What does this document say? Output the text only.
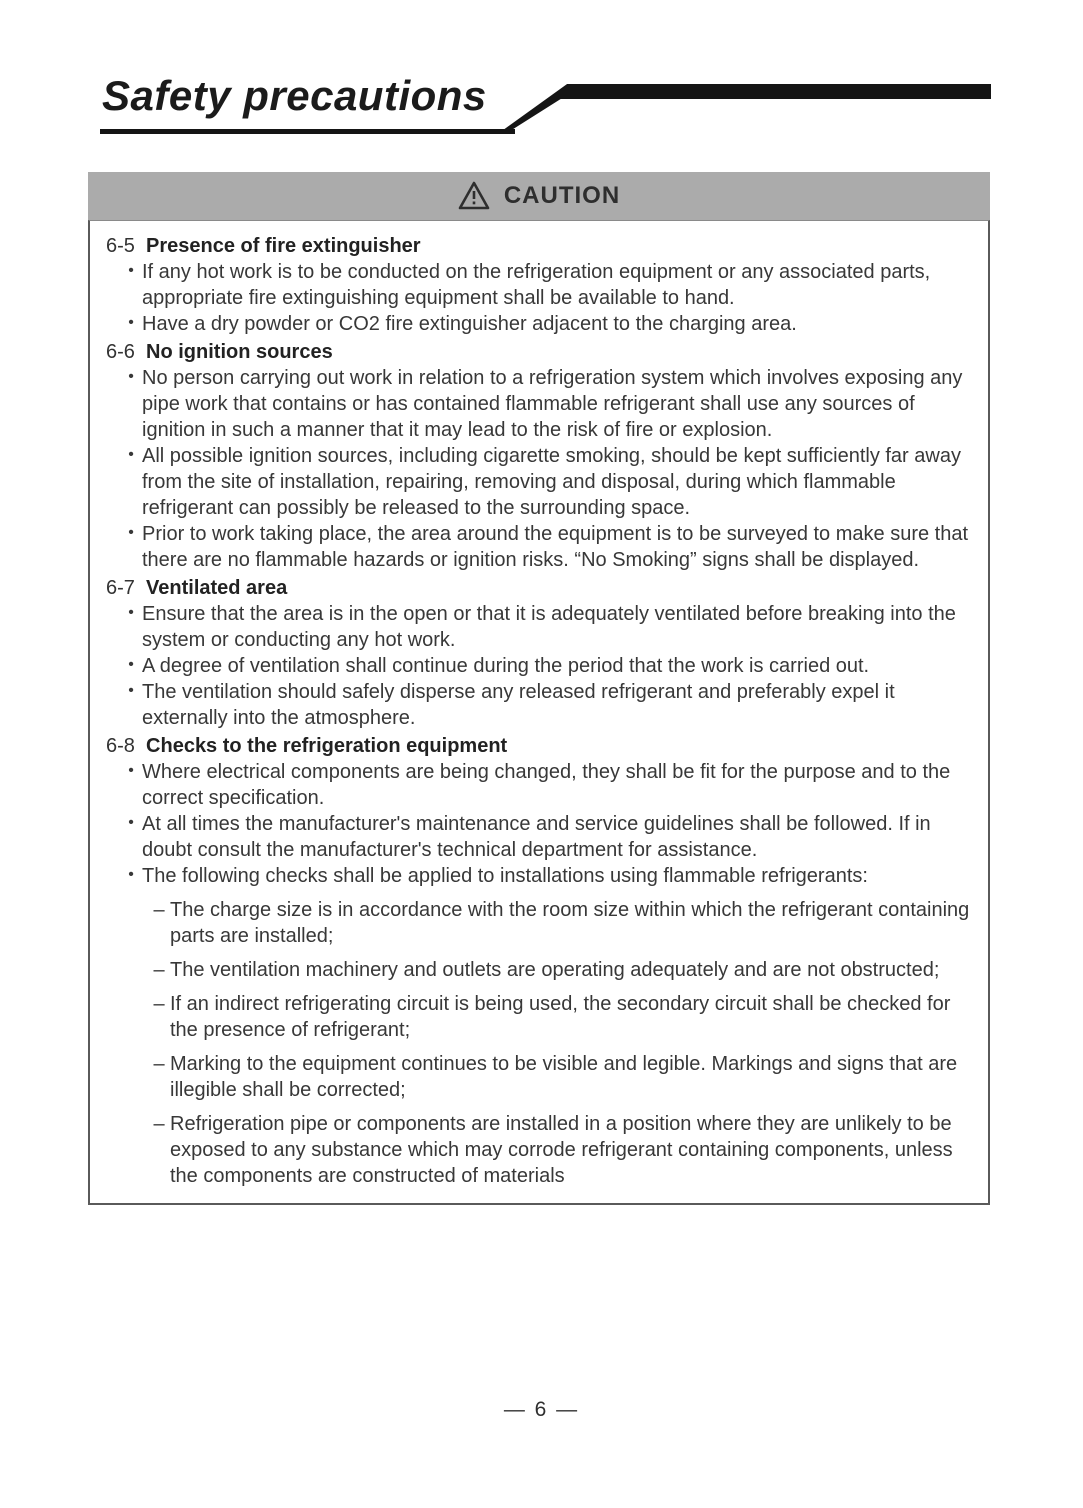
Safety precautions
CAUTION
6-5 Presence of fire extinguisher
• If any hot work is to be conducted on the refrigeration equipment or any associated parts, appropriate fire extinguishing equipment shall be available to hand.
• Have a dry powder or CO2 fire extinguisher adjacent to the charging area.
6-6 No ignition sources
• No person carrying out work in relation to a refrigeration system which involves exposing any pipe work that contains or has contained flammable refrigerant shall use any sources of ignition in such a manner that it may lead to the risk of fire or explosion.
• All possible ignition sources, including cigarette smoking, should be kept sufficiently far away from the site of installation, repairing, removing and disposal, during which flammable refrigerant can possibly be released to the surrounding space.
• Prior to work taking place, the area around the equipment is to be surveyed to make sure that there are no flammable hazards or ignition risks. “No Smoking” signs shall be displayed.
6-7 Ventilated area
• Ensure that the area is in the open or that it is adequately ventilated before breaking into the system or conducting any hot work.
• A degree of ventilation shall continue during the period that the work is carried out.
• The ventilation should safely disperse any released refrigerant and preferably expel it externally into the atmosphere.
6-8 Checks to the refrigeration equipment
• Where electrical components are being changed, they shall be fit for the purpose and to the correct specification.
• At all times the manufacturer's maintenance and service guidelines shall be followed. If in doubt consult the manufacturer's technical department for assistance.
• The following checks shall be applied to installations using flammable refrigerants:
– The charge size is in accordance with the room size within which the refrigerant containing parts are installed;
– The ventilation machinery and outlets are operating adequately and are not obstructed;
– If an indirect refrigerating circuit is being used, the secondary circuit shall be checked for the presence of refrigerant;
– Marking to the equipment continues to be visible and legible. Markings and signs that are illegible shall be corrected;
– Refrigeration pipe or components are installed in a position where they are unlikely to be exposed to any substance which may corrode refrigerant containing components, unless the components are constructed of materials
— 6 —
